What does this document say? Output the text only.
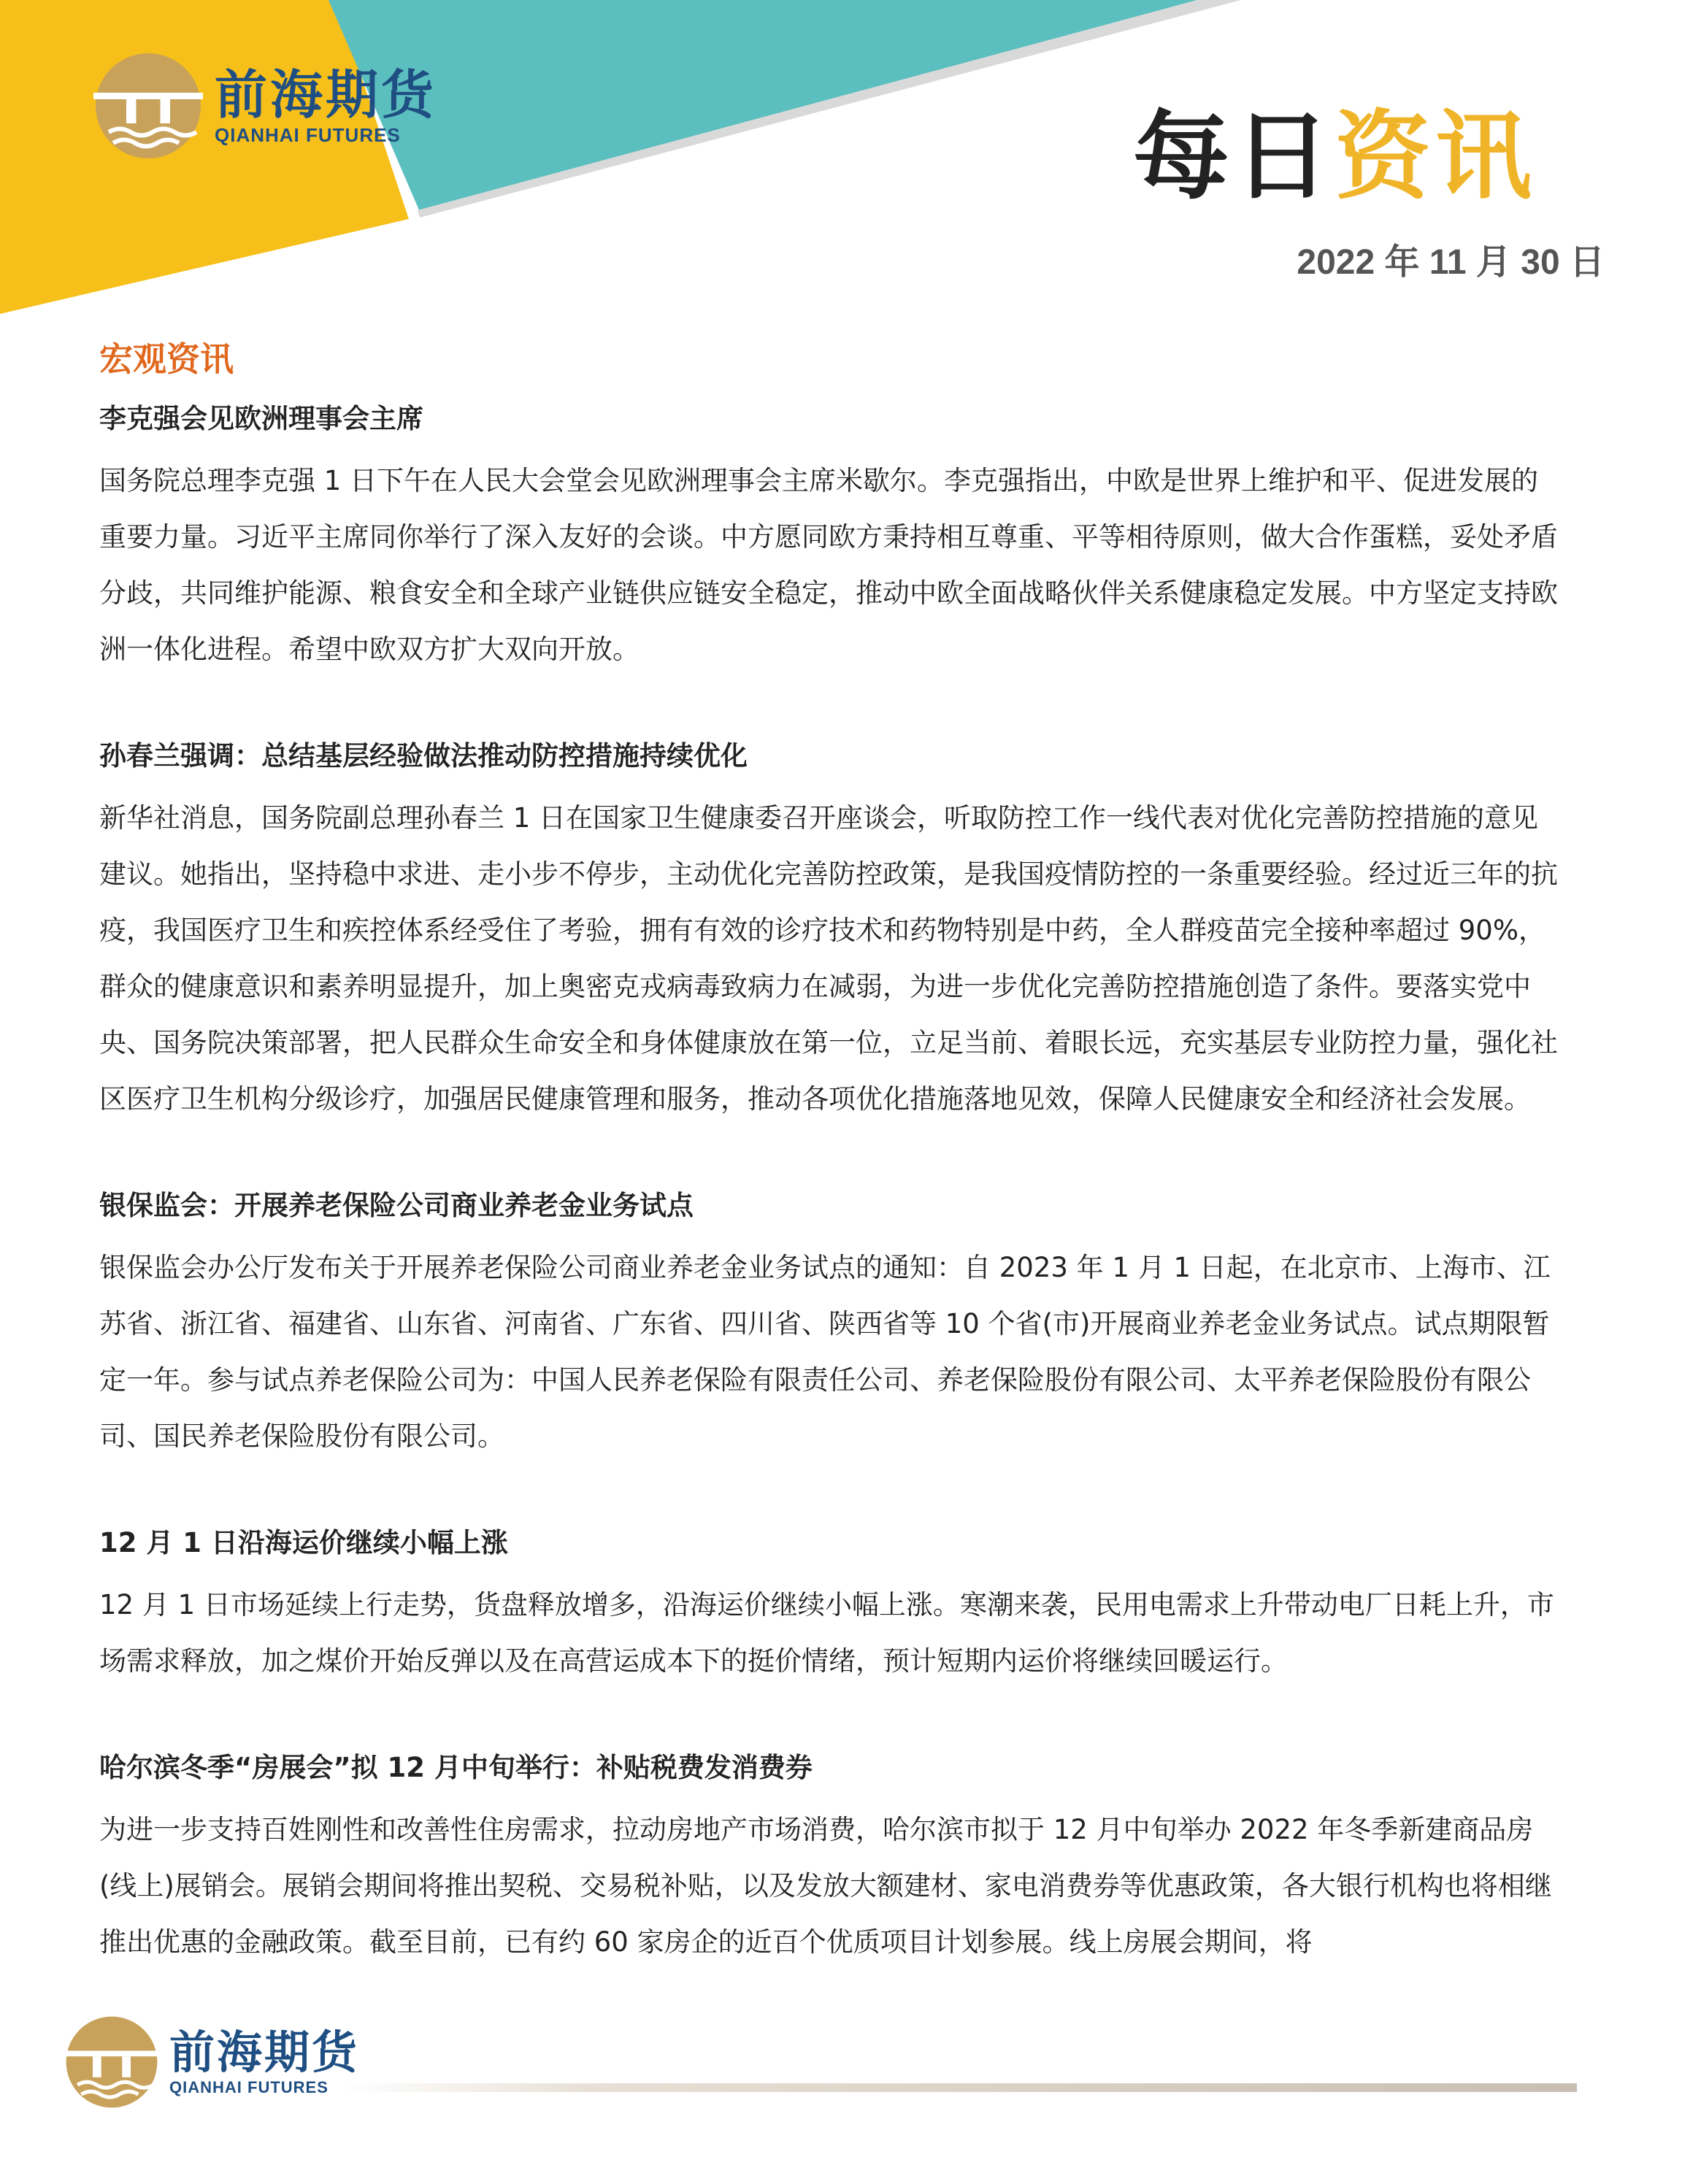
前海期货
QIANHAI FUTURES	每日资讯
2022 年 11 月 30 日
宏观资讯
李克强会见欧洲理事会主席

国务院总理李克强 1 日下午在人民大会堂会见欧洲理事会主席米歇尔。李克强指出，中欧是世界上维护和平、促进发展的重要力量。习近平主席同你举行了深入友好的会谈。中方愿同欧方秉持相互尊重、平等相待原则，做大合作蛋糕，妥处矛盾分歧，共同维护能源、粮食安全和全球产业链供应链安全稳定，推动中欧全面战略伙伴关系健康稳定发展。中方坚定支持欧洲一体化进程。希望中欧双方扩大双向开放。

孙春兰强调：总结基层经验做法推动防控措施持续优化

新华社消息，国务院副总理孙春兰 1 日在国家卫生健康委召开座谈会，听取防控工作一线代表对优化完善防控措施的意见建议。她指出，坚持稳中求进、走小步不停步，主动优化完善防控政策，是我国疫情防控的一条重要经验。经过近三年的抗疫，我国医疗卫生和疾控体系经受住了考验，拥有有效的诊疗技术和药物特别是中药，全人群疫苗完全接种率超过 90%，群众的健康意识和素养明显提升，加上奥密克戎病毒致病力在减弱，为进一步优化完善防控措施创造了条件。要落实党中央、国务院决策部署，把人民群众生命安全和身体健康放在第一位，立足当前、着眼长远，充实基层专业防控力量，强化社区医疗卫生机构分级诊疗，加强居民健康管理和服务，推动各项优化措施落地见效，保障人民健康安全和经济社会发展。

银保监会：开展养老保险公司商业养老金业务试点

银保监会办公厅发布关于开展养老保险公司商业养老金业务试点的通知：自 2023 年 1 月 1 日起，在北京市、上海市、江苏省、浙江省、福建省、山东省、河南省、广东省、四川省、陕西省等 10 个省(市)开展商业养老金业务试点。试点期限暂定一年。参与试点养老保险公司为：中国人民养老保险有限责任公司、养老保险股份有限公司、太平养老保险股份有限公司、国民养老保险股份有限公司。

12 月 1 日沿海运价继续小幅上涨

12 月 1 日市场延续上行走势，货盘释放增多，沿海运价继续小幅上涨。寒潮来袭，民用电需求上升带动电厂日耗上升，市场需求释放，加之煤价开始反弹以及在高营运成本下的挺价情绪，预计短期内运价将继续回暖运行。

哈尔滨冬季“房展会”拟 12 月中旬举行：补贴税费发消费券

为进一步支持百姓刚性和改善性住房需求，拉动房地产市场消费，哈尔滨市拟于 12 月中旬举办 2022 年冬季新建商品房(线上)展销会。展销会期间将推出契税、交易税补贴，以及发放大额建材、家电消费券等优惠政策，各大银行机构也将相继推出优惠的金融政策。截至目前，已有约 60 家房企的近百个优质项目计划参展。线上房展会期间，将

前海期货
QIANHAI FUTURES
